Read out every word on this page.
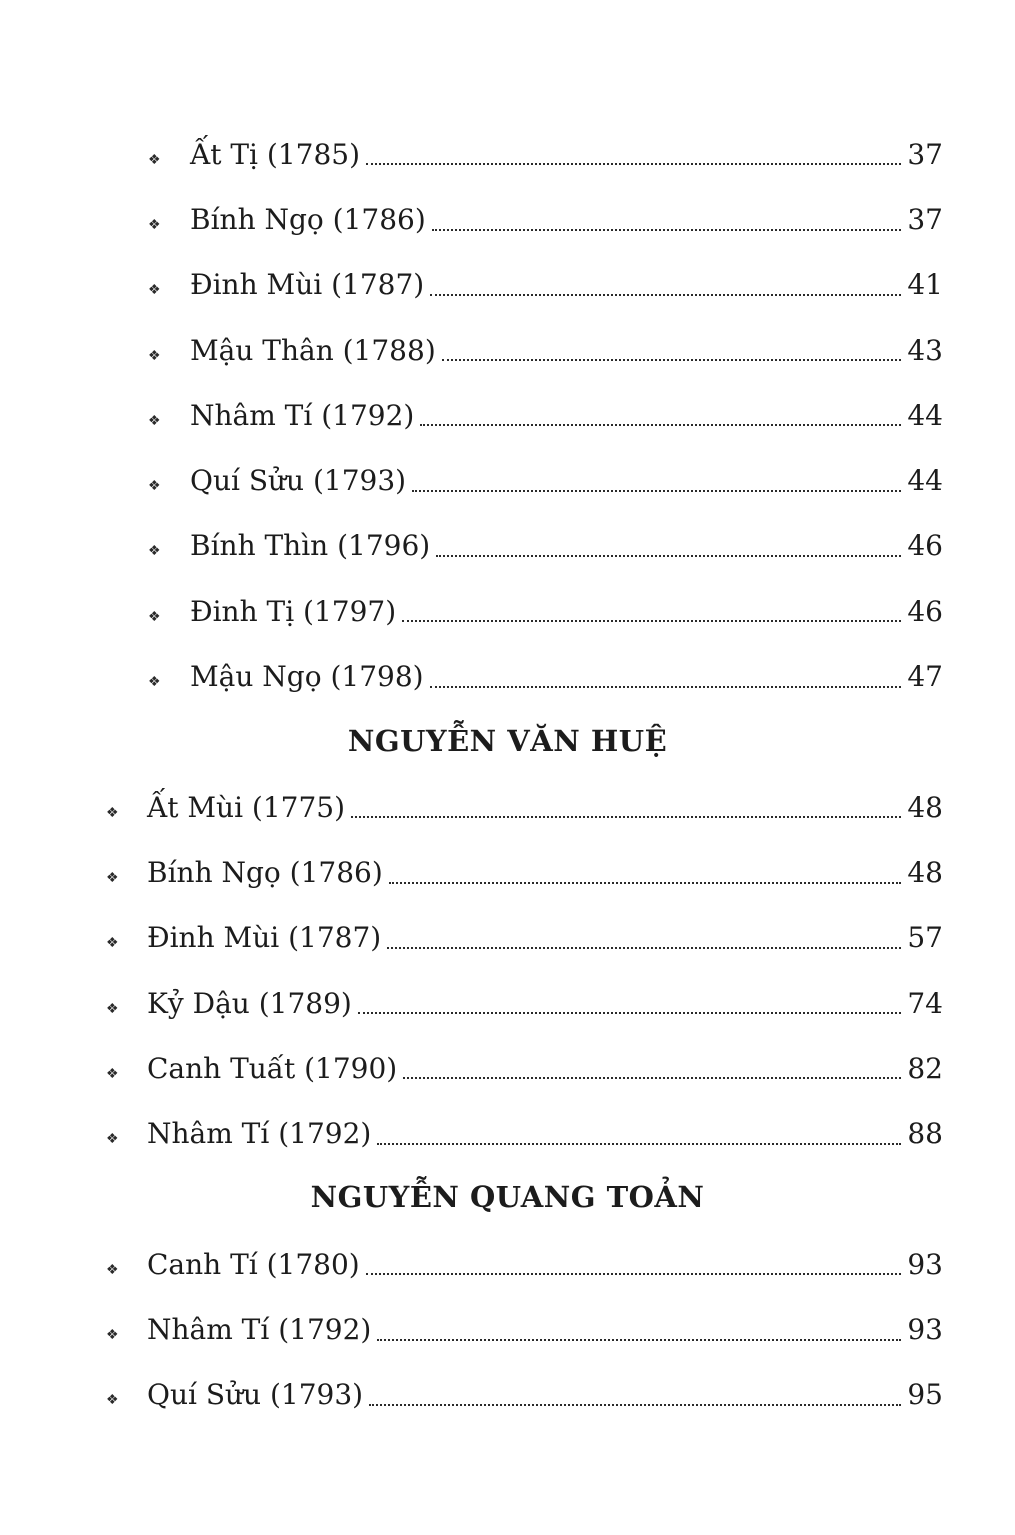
❖ Ất Tị (1785)	37
❖ Bính Ngọ (1786)	37
❖ Đinh Mùi (1787)	41
❖ Mậu Thân (1788)	43
❖ Nhâm Tí (1792)	44
❖ Quí Sửu (1793)	44
❖ Bính Thìn (1796)	46
❖ Đinh Tị (1797)	46
❖ Mậu Ngọ (1798)	47
NGUYỄN VĂN HUỆ
❖ Ất Mùi (1775)	48
❖ Bính Ngọ (1786)	48
❖ Đinh Mùi (1787)	57
❖ Kỷ Dậu (1789)	74
❖ Canh Tuất (1790)	82
❖ Nhâm Tí (1792)	88
NGUYỄN QUANG TOẢN
❖ Canh Tí (1780)	93
❖ Nhâm Tí (1792)	93
❖ Quí Sửu (1793)	95
